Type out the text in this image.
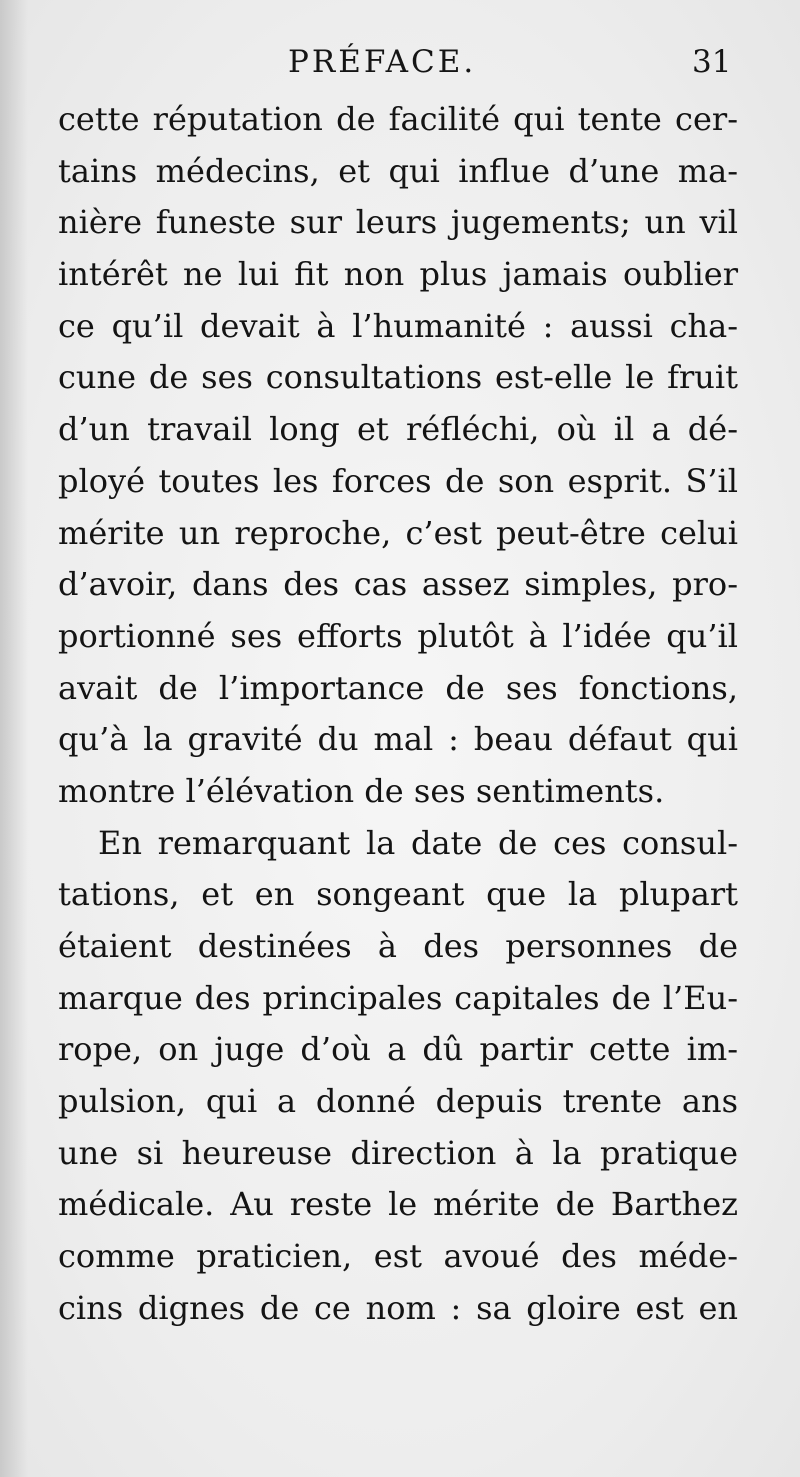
PRÉFACE.	31
cette réputation de facilité qui tente cer-
tains médecins, et qui influe d’une ma-
nière funeste sur leurs jugements; un vil
intérêt ne lui fit non plus jamais oublier
ce qu’il devait à l’humanité : aussi cha-
cune de ses consultations est-elle le fruit
d’un travail long et réfléchi, où il a dé-
ployé toutes les forces de son esprit. S’il
mérite un reproche, c’est peut-être celui
d’avoir, dans des cas assez simples, pro-
portionné ses efforts plutôt à l’idée qu’il
avait de l’importance de ses fonctions,
qu’à la gravité du mal : beau défaut qui
montre l’élévation de ses sentiments.
En remarquant la date de ces consul-
tations, et en songeant que la plupart
étaient destinées à des personnes de
marque des principales capitales de l’Eu-
rope, on juge d’où a dû partir cette im-
pulsion, qui a donné depuis trente ans
une si heureuse direction à la pratique
médicale. Au reste le mérite de Barthez
comme praticien, est avoué des méde-
cins dignes de ce nom : sa gloire est en
